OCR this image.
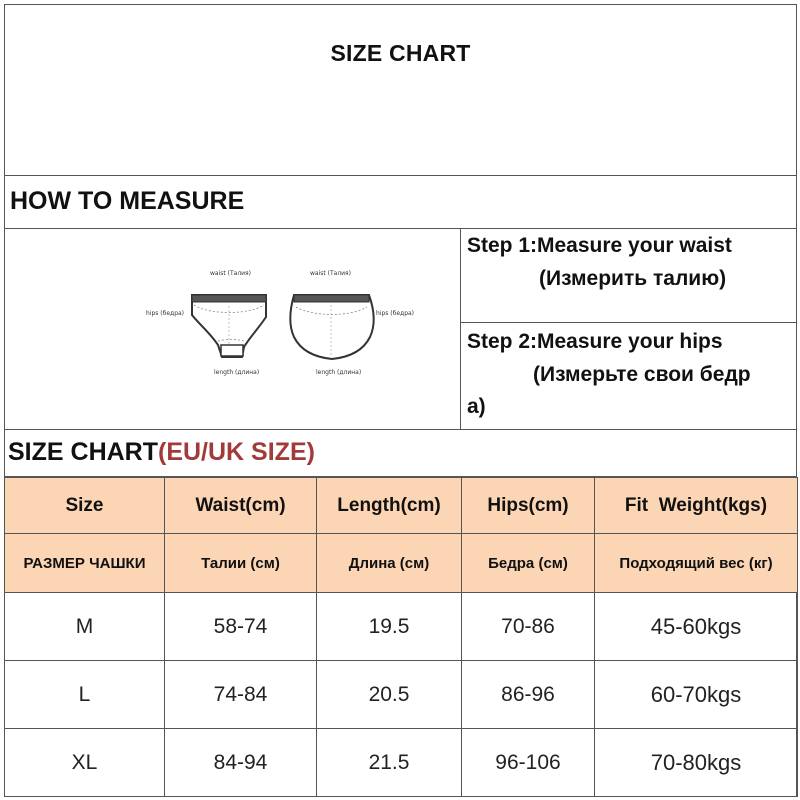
SIZE CHART
HOW TO MEASURE
waist (Талия)	waist (Талия)
hips (бедра)	hips (бедра)
length (длина)	length (длина)
Step 1:Measure your waist
(Измерить талию)
Step 2:Measure your hips
(Измерьте свои бедр
а)
SIZE CHART(EU/UK SIZE)
Size	Waist(cm)	Length(cm)	Hips(cm)	Fit  Weight(kgs)
РАЗМЕР ЧАШКИ	Талии (см)	Длина (см)	Бедра (см)	Подходящий вес (кг)
M	58-74	19.5	70-86	45-60kgs
L	74-84	20.5	86-96	60-70kgs
XL	84-94	21.5	96-106	70-80kgs
